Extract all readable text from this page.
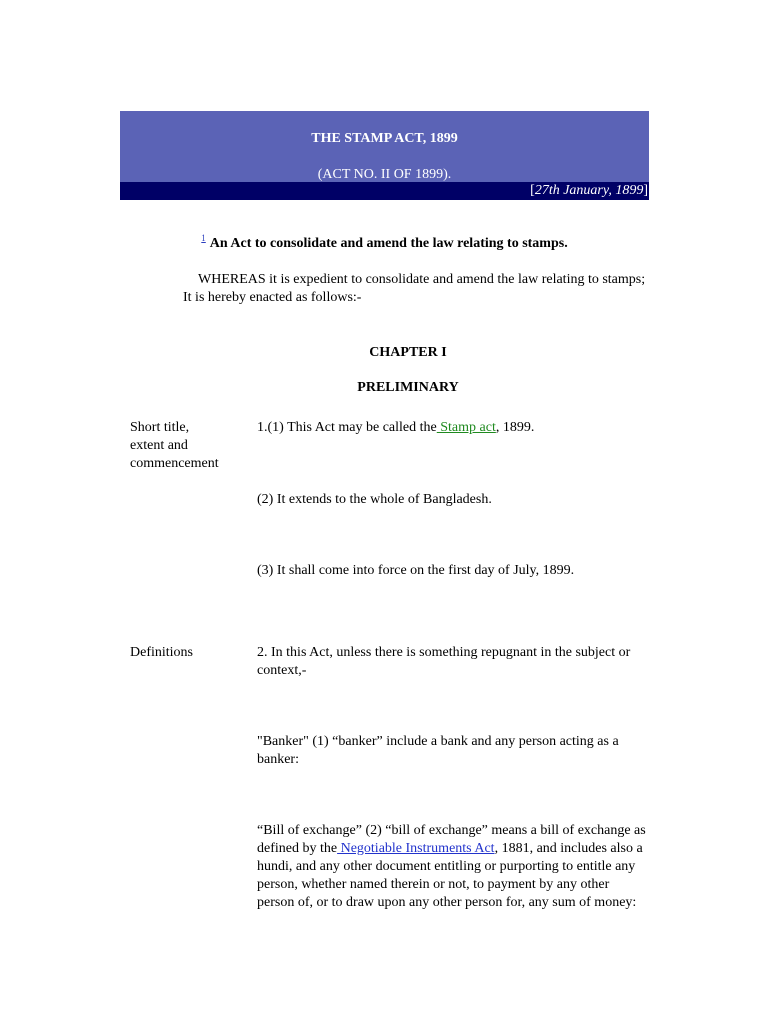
THE STAMP ACT, 1899
(ACT NO. II OF 1899).
[27th January, 1899]
$^1$ An Act to consolidate and amend the law relating to stamps.
WHEREAS it is expedient to consolidate and amend the law relating to stamps; It is hereby enacted as follows:-
CHAPTER I
PRELIMINARY
Short title,
extent and
commencement
1.(1) This Act may be called the Stamp act, 1899.
(2) It extends to the whole of Bangladesh.
(3) It shall come into force on the first day of July, 1899.
Definitions	2. In this Act, unless there is something repugnant in the subject or context,-
"Banker" (1) “banker” include a bank and any person acting as a banker:
“Bill of exchange” (2) “bill of exchange” means a bill of exchange as defined by the Negotiable Instruments Act, 1881, and includes also a hundi, and any other document entitling or purporting to entitle any person, whether named therein or not, to payment by any other person of, or to draw upon any other person for, any sum of money:
